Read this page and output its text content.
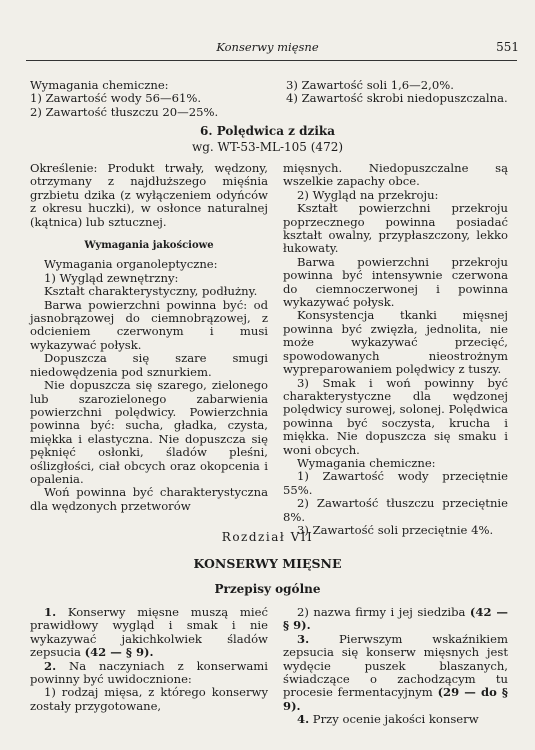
Konserwy mięsne	551

Wymagania chemiczne:

1) Zawartość wody 56—61%.

2) Zawartość tłuszczu 20—25%.

3) Zawartość soli 1,6—2,0%.

4) Zawartość skrobi niedopuszczalna.

6. Polędwica z dzika
wg. WT-53-ML-105 (472)

Określenie: Produkt trwały, wędzony, otrzymany z najdłuższego mięśnia grzbietu dzika (z wyłączeniem odyńców z okresu huczki), w osłonce naturalnej (kątnica) lub sztucznej.

Wymagania jakościowe

Wymagania organoleptyczne:

1) Wygląd zewnętrzny:

Kształt charakterystyczny, podłużny.

Barwa powierzchni powinna być: od jasnobrązowej do ciemnobrązowej, z odcieniem czerwonym i musi wykazywać połysk.

Dopuszcza się szare smugi niedowędzenia pod sznurkiem.

Nie dopuszcza się szarego, zielonego lub szarozielonego zabarwienia powierzchni polędwicy. Powierzchnia powinna być: sucha, gładka, czysta, miękka i elastyczna. Nie dopuszcza się pęknięć osłonki, śladów pleśni, oślizgłości, ciał obcych oraz okopcenia i opalenia.

Woń powinna być charakterystyczna dla wędzonych przetworów

mięsnych. Niedopuszczalne są wszelkie zapachy obce.

2) Wygląd na przekroju:

Kształt powierzchni przekroju poprzecznego powinna posiadać kształt owalny, przypłaszczony, lekko łukowaty.

Barwa powierzchni przekroju powinna być intensywnie czerwona do ciemnoczerwonej i powinna wykazywać połysk.

Konsystencja tkanki mięsnej powinna być zwięzła, jednolita, nie może wykazywać przecięć, spowodowanych nieostrożnym wypreparowaniem polędwicy z tuszy.

3) Smak i woń powinny być charakterystyczne dla wędzonej polędwicy surowej, solonej. Polędwica powinna być soczysta, krucha i miękka. Nie dopuszcza się smaku i woni obcych.

Wymagania chemiczne:

1) Zawartość wody przeciętnie 55%.

2) Zawartość tłuszczu przeciętnie 8%.

3) Zawartość soli przeciętnie 4%.

Rozdział VII
KONSERWY MIĘSNE
Przepisy ogólne

1. Konserwy mięsne muszą mieć prawidłowy wygląd i smak i nie wykazywać jakichkolwiek śladów zepsucia (42 — § 9).

2. Na naczyniach z konserwami powinny być uwidocznione:

1) rodzaj mięsa, z którego konserwy zostały przygotowane,

2) nazwa firmy i jej siedziba (42 — § 9).

3. Pierwszym wskaźnikiem zepsucia się konserw mięsnych jest wydęcie puszek blaszanych, świadczące o zachodzącym tu procesie fermentacyjnym (29 — do § 9).

4. Przy ocenie jakości konserw
